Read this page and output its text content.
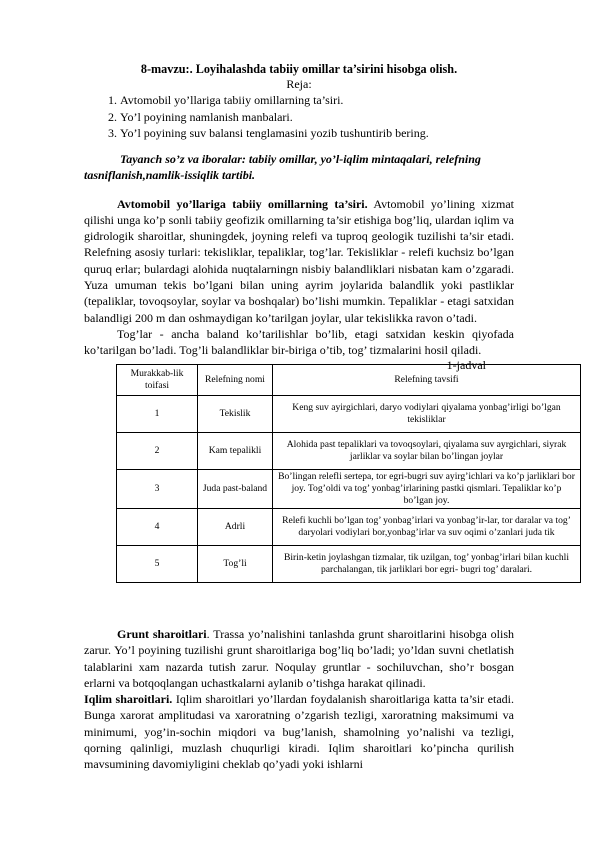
8-mavzu:. Loyihalashda tabiiy omillar ta’sirini hisobga olish.
Reja:
1. Avtomobil yo’llariga tabiiy omillarning ta’siri.
2. Yo’l poyining namlanish manbalari.
3. Yo’l poyining suv balansi tenglamasini yozib tushuntirib bering.

Tayanch so’z va iboralar: tabiiy omillar, yo’l-iqlim mintaqalari, relefning tasniflanish,namlik-issiqlik tartibi.

Avtomobil yo’llariga tabiiy omillarning ta’siri. Avtomobil yo’lining xizmat qilishi unga ko’p sonli tabiiy geofizik omillarning ta’sir etishiga bog’liq, ulardan iqlim va gidrologik sharoitlar, shuningdek, joyning relefi va tuproq geologik tuzilishi ta’sir etadi. Relefning asosiy turlari: tekisliklar, tepaliklar, tog’lar. Tekisliklar - relefi kuchsiz bo’lgan quruq erlar; bulardagi alohida nuqtalarningn nisbiy balandliklari nisbatan kam o’zgaradi. Yuza umuman tekis bo’lgani bilan uning ayrim joylarida balandlik yoki pastliklar (tepaliklar, tovoqsoylar, soylar va boshqalar) bo’lishi mumkin. Tepaliklar - etagi satxidan balandligi 200 m dan oshmaydigan ko’tarilgan joylar, ular tekislikka ravon o’tadi.

Tog’lar - ancha baland ko’tarilishlar bo’lib, etagi satxidan keskin qiyofada ko’tarilgan bo’ladi. Tog’li balandliklar bir-biriga o’tib, tog’ tizmalarini hosil qiladi.

1-jadval
Murakkab-lik toifasi	Relefning nomi	Relefning tavsifi
1	Tekislik	Keng suv ayirgichlari, daryo vodiylari qiyalama yonbag’irligi bo’lgan tekisliklar
2	Kam tepalikli	Alohida past tepaliklari va tovoqsoylari, qiyalama suv ayrgichlari, siyrak jarliklar va soylar bilan bo’lingan joylar
3	Juda past-baland	Bo’lingan relefli sertepa, tor egri-bugri suv ayirg’ichlari va ko’p jarliklari bor joy. Tog’oldi va tog’ yonbag’irlarining pastki qismlari. Tepaliklar ko’p bo’lgan joy.
4	Adrli	Relefi kuchli bo’lgan tog’ yonbag’irlari va yonbag’ir-lar, tor daralar va tog’ daryolari vodiylari bor,yonbag’irlar va suv oqimi o’zanlari juda tik
5	Tog’li	Birin-ketin joylashgan tizmalar, tik uzilgan, tog’ yonbag’irlari bilan kuchli parchalangan, tik jarliklari bor egri- bugri tog’ daralari.

Grunt sharoitlari. Trassa yo’nalishini tanlashda grunt sharoitlarini hisobga olish zarur. Yo’l poyining tuzilishi grunt sharoitlariga bog’liq bo’ladi; yo’ldan suvni chetlatish talablarini xam nazarda tutish zarur. Noqulay gruntlar - sochiluvchan, sho’r bosgan erlarni va botqoqlangan uchastkalarni aylanib o’tishga harakat qilinadi.

Iqlim sharoitlari. Iqlim sharoitlari yo’llardan foydalanish sharoitlariga katta ta’sir etadi. Bunga xarorat amplitudasi va xaroratning o’zgarish tezligi, xaroratning maksimumi va minimumi, yog’in-sochin miqdori va bug’lanish, shamolning yo’nalishi va tezligi, qorning qalinligi, muzlash chuqurligi kiradi. Iqlim sharoitlari ko’pincha qurilish mavsumining davomiyligini cheklab qo’yadi yoki ishlarni
